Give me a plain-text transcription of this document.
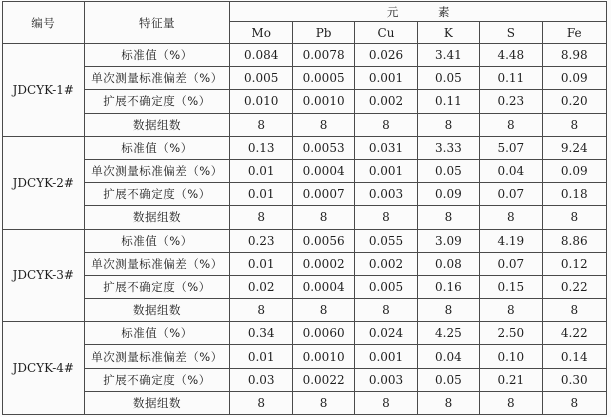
编号	特征量	元 素					
		Mo	Pb	Cu	K	S	Fe
JDCYK-1#	标准值（%）	0.084	0.0078	0.026	3.41	4.48	8.98
	单次测量标准偏差（%）	0.005	0.0005	0.001	0.05	0.11	0.09
	扩展不确定度（%）	0.010	0.0010	0.002	0.11	0.23	0.20
	数据组数	8	8	8	8	8	8
JDCYK-2#	标准值（%）	0.13	0.0053	0.031	3.33	5.07	9.24
	单次测量标准偏差（%）	0.01	0.0004	0.001	0.05	0.04	0.09
	扩展不确定度（%）	0.01	0.0007	0.003	0.09	0.07	0.18
	数据组数	8	8	8	8	8	8
JDCYK-3#	标准值（%）	0.23	0.0056	0.055	3.09	4.19	8.86
	单次测量标准偏差（%）	0.01	0.0002	0.002	0.08	0.07	0.12
	扩展不确定度（%）	0.02	0.0004	0.005	0.16	0.15	0.22
	数据组数	8	8	8	8	8	8
JDCYK-4#	标准值（%）	0.34	0.0060	0.024	4.25	2.50	4.22
	单次测量标准偏差（%）	0.01	0.0010	0.001	0.04	0.10	0.14
	扩展不确定度（%）	0.03	0.0022	0.003	0.05	0.21	0.30
	数据组数	8	8	8	8	8	8
